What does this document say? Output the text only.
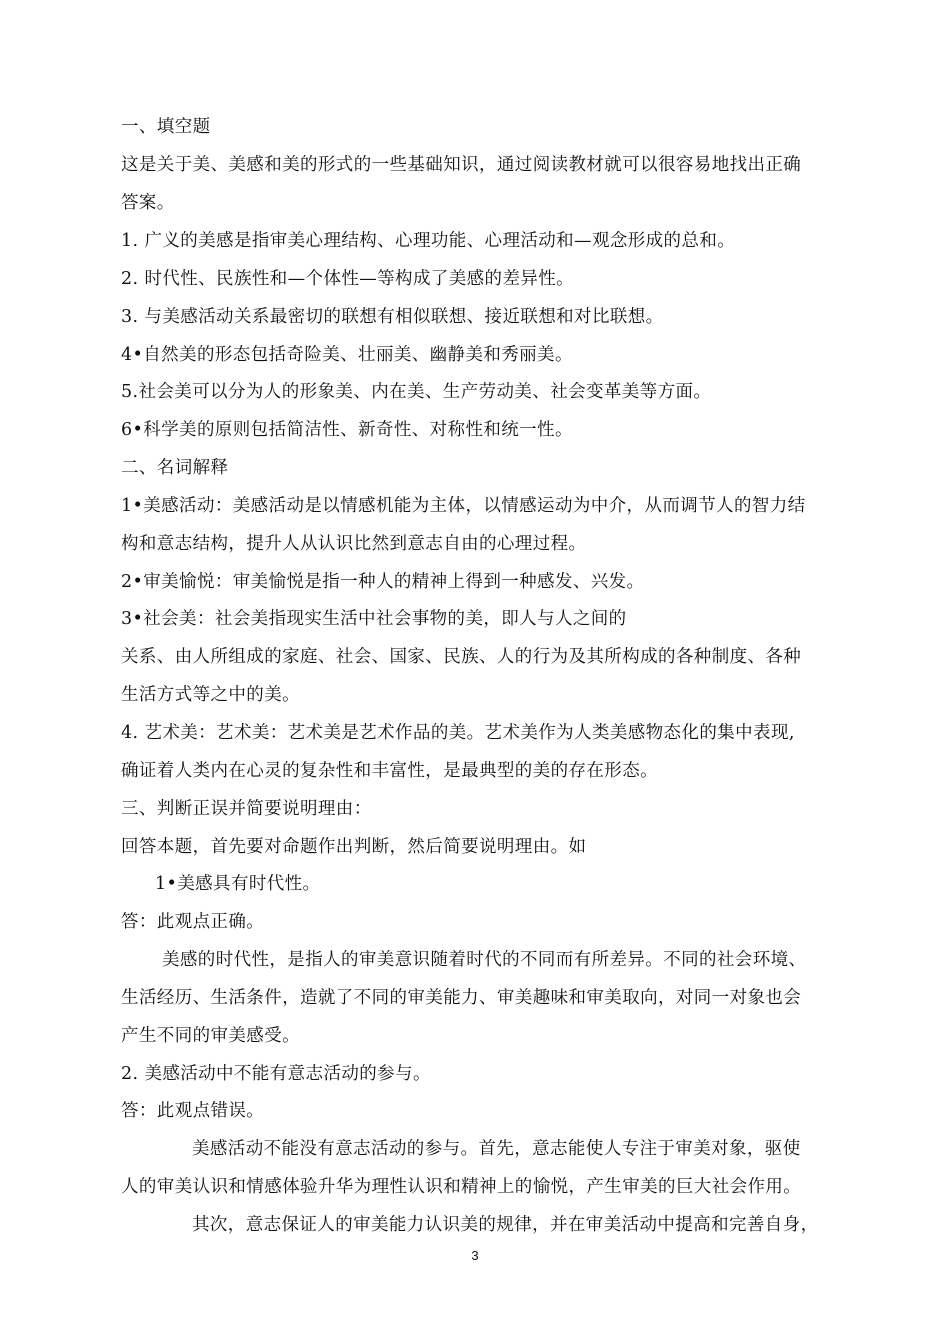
一、填空题
这是关于美、美感和美的形式的一些基础知识，通过阅读教材就可以很容易地找出正确
答案。
1. 广义的美感是指审美心理结构、心理功能、心理活动和—观念形成的总和。
2. 时代性、民族性和—个体性—等构成了美感的差异性。
3. 与美感活动关系最密切的联想有相似联想、接近联想和对比联想。
4•自然美的形态包括奇险美、壮丽美、幽静美和秀丽美。
5.社会美可以分为人的形象美、内在美、生产劳动美、社会变革美等方面。
6•科学美的原则包括简洁性、新奇性、对称性和统一性。
二、名词解释
1•美感活动：美感活动是以情感机能为主体，以情感运动为中介，从而调节人的智力结
构和意志结构，提升人从认识比然到意志自由的心理过程。
2•审美愉悦：审美愉悦是指一种人的精神上得到一种感发、兴发。
3•社会美：社会美指现实生活中社会事物的美，即人与人之间的
关系、由人所组成的家庭、社会、国家、民族、人的行为及其所构成的各种制度、各种
生活方式等之中的美。
4. 艺术美：艺术美：艺术美是艺术作品的美。艺术美作为人类美感物态化的集中表现,
确证着人类内在心灵的复杂性和丰富性，是最典型的美的存在形态。
三、判断正误并简要说明理由：
回答本题，首先要对命题作出判断，然后简要说明理由。如
1•美感具有时代性。
答：此观点正确。
美感的时代性，是指人的审美意识随着时代的不同而有所差异。不同的社会环境、
生活经历、生活条件，造就了不同的审美能力、审美趣味和审美取向，对同一对象也会
产生不同的审美感受。
2. 美感活动中不能有意志活动的参与。
答：此观点错误。
美感活动不能没有意志活动的参与。首先，意志能使人专注于审美对象，驱使
人的审美认识和情感体验升华为理性认识和精神上的愉悦，产生审美的巨大社会作用。
其次，意志保证人的审美能力认识美的规律，并在审美活动中提高和完善自身，
3
